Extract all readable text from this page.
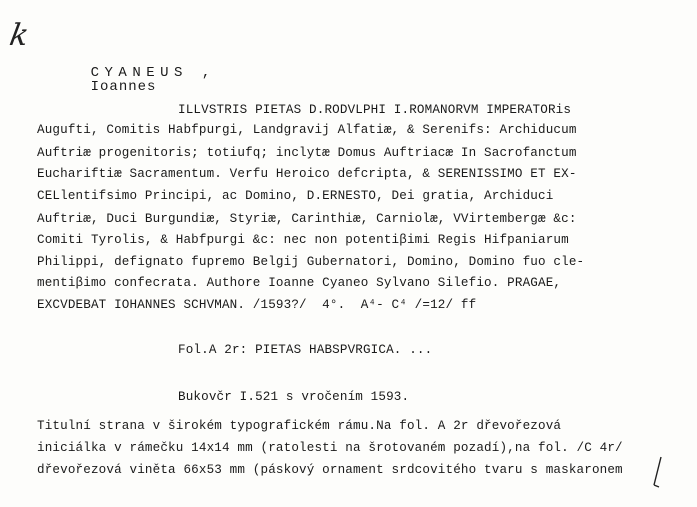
k

CYANEUS ,
Ioannes

ILLVSTRIS PIETAS D.RODVLPHI I.ROMANORVM IMPERATORis
Augufti, Comitis Habfpurgi, Landgravij Alfatiæ, & Serenifs: Archiducum
Auftriæ progenitoris; totiufq; inclytæ Domus Auftriacæ In Sacrofanctum
Euchariftiæ Sacramentum. Verfu Heroico defcripta, & SERENISSIMO ET EX-
CELlentifsimo Principi, ac Domino, D.ERNESTO, Dei gratia, Archiduci
Auftriæ, Duci Burgundiæ, Styriæ, Carinthiæ, Carniolæ, VVirtembergæ &c:
Comiti Tyrolis, & Habfpurgi &c: nec non potentiβimi Regis Hifpaniarum
Philippi, defignato fupremo Belgij Gubernatori, Domino, Domino fuo cle-
mentiβimo confecrata. Authore Ioanne Cyaneo Sylvano Silefio. PRAGAE,
EXCVDEBAT IOHANNES SCHVMAN. /1593?/  4°.  A⁴- C⁴ /=12/ ff
Fol.A 2r: PIETAS HABSPVRGICA. ...
Bukovčr I.521 s vročením 1593.
Titulní strana v širokém typografickém rámu.Na fol. A 2r dřevořezová
iniciálka v rámečku 14x14 mm (ratolesti na šrotovaném pozadí),na fol. /C 4r/
dřevořezová viněta 66x53 mm (páskový ornament srdcovitého tvaru s maskaronem
